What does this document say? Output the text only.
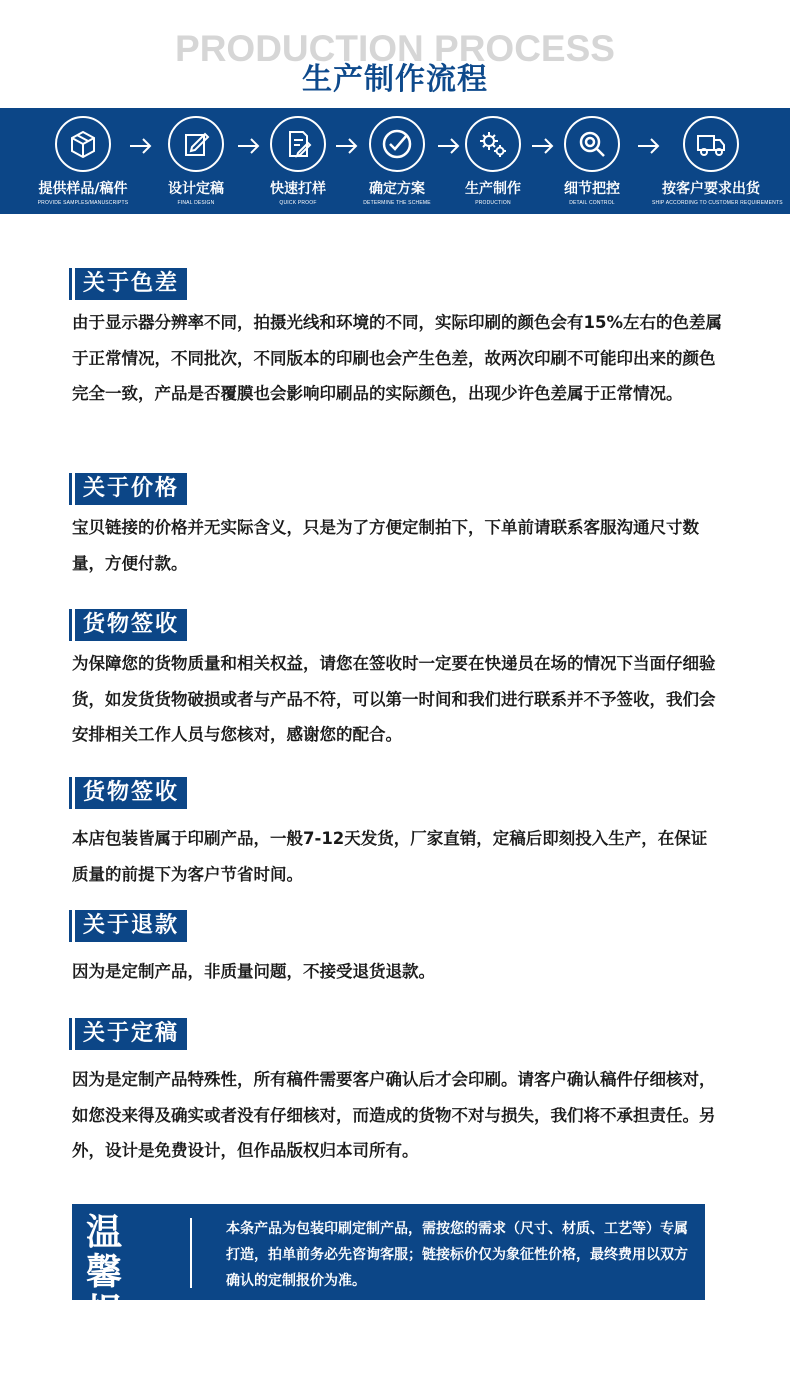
PRODUCTION PROCESS
生产制作流程
提供样品/稿件
PROVIDE SAMPLES/MANUSCRIPTS
设计定稿
FINAL DESIGN
快速打样
QUICK PROOF
确定方案
DETERMINE THE SCHEME
生产制作
PRODUCTION
细节把控
DETAIL CONTROL
按客户要求出货
SHIP ACCORDING TO CUSTOMER REQUIREMENTS
关于色差
由于显示器分辨率不同，拍摄光线和环境的不同，实际印刷的颜色会有15%左右的色差属于正常情况，不同批次，不同版本的印刷也会产生色差，故两次印刷不可能印出来的颜色完全一致，产品是否覆膜也会影响印刷品的实际颜色，出现少许色差属于正常情况。
关于价格
宝贝链接的价格并无实际含义，只是为了方便定制拍下，下单前请联系客服沟通尺寸数量，方便付款。
货物签收
为保障您的货物质量和相关权益，请您在签收时一定要在快递员在场的情况下当面仔细验货，如发货货物破损或者与产品不符，可以第一时间和我们进行联系并不予签收，我们会安排相关工作人员与您核对，感谢您的配合。
货物签收
本店包装皆属于印刷产品，一般7-12天发货，厂家直销，定稿后即刻投入生产，在保证质量的前提下为客户节省时间。
关于退款
因为是定制产品，非质量问题，不接受退货退款。
关于定稿
因为是定制产品特殊性，所有稿件需要客户确认后才会印刷。请客户确认稿件仔细核对，如您没来得及确实或者没有仔细核对，而造成的货物不对与损失，我们将不承担责任。另外，设计是免费设计，但作品版权归本司所有。
温 馨
提 示
本条产品为包装印刷定制产品，需按您的需求（尺寸、材质、工艺等）专属打造，拍单前务必先咨询客服；链接标价仅为象征性价格，最终费用以双方确认的定制报价为准。
